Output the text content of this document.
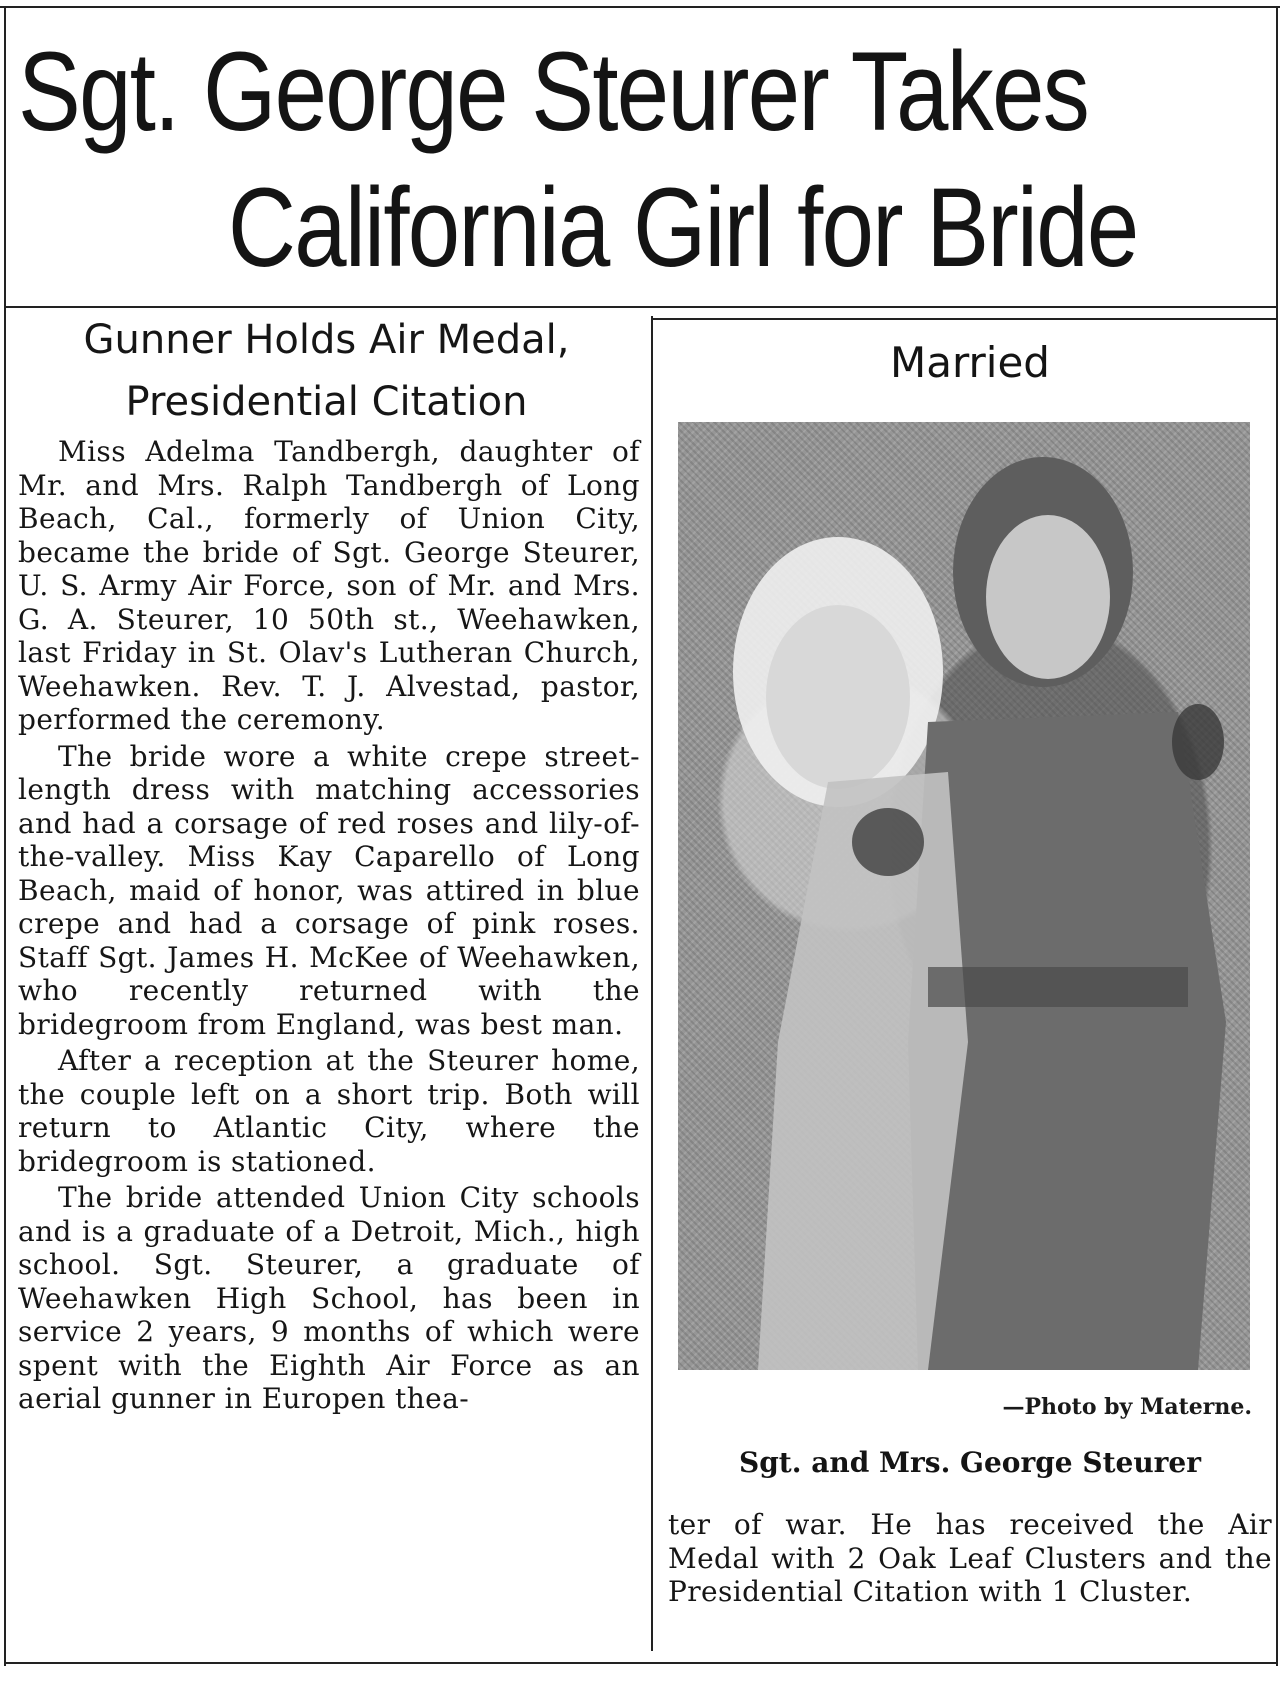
Sgt. George Steurer Takes
California Girl for Bride
Gunner Holds Air Medal,
Presidential Citation

Miss Adelma Tandbergh, daughter of Mr. and Mrs. Ralph Tandbergh of Long Beach, Cal., formerly of Union City, became the bride of Sgt. George Steurer, U. S. Army Air Force, son of Mr. and Mrs. G. A. Steurer, 10 50th st., Weehawken, last Friday in St. Olav's Lutheran Church, Weehawken. Rev. T. J. Alvestad, pastor, performed the ceremony.

The bride wore a white crepe street-length dress with matching accessories and had a corsage of red roses and lily-of-the-valley. Miss Kay Caparello of Long Beach, maid of honor, was attired in blue crepe and had a corsage of pink roses. Staff Sgt. James H. McKee of Weehawken, who recently returned with the bridegroom from England, was best man.

After a reception at the Steurer home, the couple left on a short trip. Both will return to Atlantic City, where the bridegroom is stationed.

The bride attended Union City schools and is a graduate of a Detroit, Mich., high school. Sgt. Steurer, a graduate of Weehawken High School, has been in service 2 years, 9 months of which were spent with the Eighth Air Force as an aerial gunner in Europen thea-

Married
—Photo by Materne.
Sgt. and Mrs. George Steurer

ter of war. He has received the Air Medal with 2 Oak Leaf Clusters and the Presidential Citation with 1 Cluster.
